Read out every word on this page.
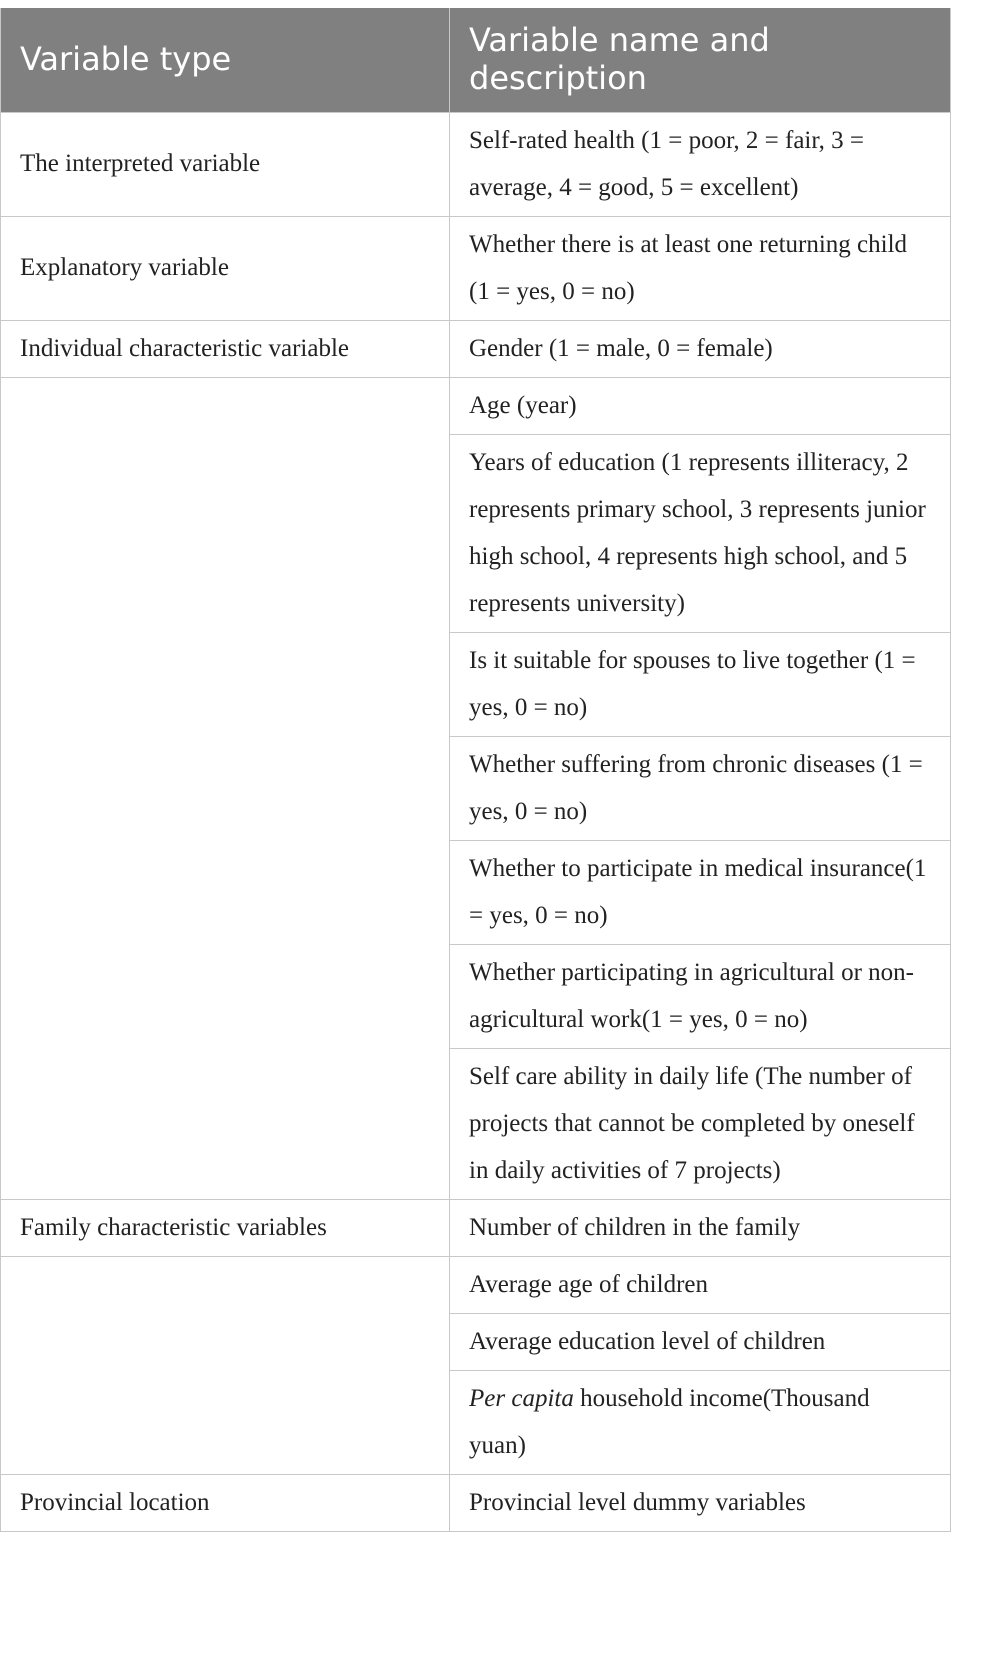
Variable type	Variable name and description
The interpreted variable	Self-rated health (1 = poor, 2 = fair, 3 = average, 4 = good, 5 = excellent)
Explanatory variable	Whether there is at least one returning child (1 = yes, 0 = no)
Individual characteristic variable	Gender (1 = male, 0 = female)
	Age (year)
	Years of education (1 represents illiteracy, 2 represents primary school, 3 represents junior high school, 4 represents high school, and 5 represents university)
	Is it suitable for spouses to live together (1 = yes, 0 = no)
	Whether suffering from chronic diseases (1 = yes, 0 = no)
	Whether to participate in medical insurance(1 = yes, 0 = no)
	Whether participating in agricultural or non-agricultural work(1 = yes, 0 = no)
	Self care ability in daily life (The number of projects that cannot be completed by oneself in daily activities of 7 projects)
Family characteristic variables	Number of children in the family
	Average age of children
	Average education level of children
	Per capita household income(Thousand yuan)
Provincial location	Provincial level dummy variables
